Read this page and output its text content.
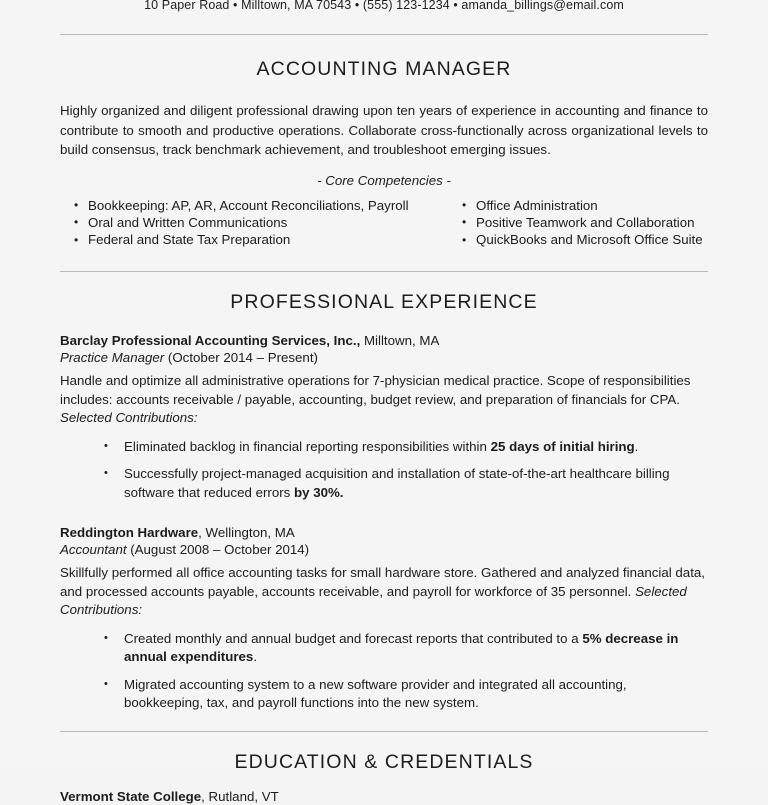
10 Paper Road • Milltown, MA 70543 • (555) 123-1234 • amanda_billings@email.com
ACCOUNTING MANAGER

Highly organized and diligent professional drawing upon ten years of experience in accounting and finance to contribute to smooth and productive operations. Collaborate cross-functionally across organizational levels to build consensus, track benchmark achievement, and troubleshoot emerging issues.

- Core Competencies -

• Bookkeeping: AP, AR, Account Reconciliations, Payroll
• Oral and Written Communications
• Federal and State Tax Preparation
• Office Administration
• Positive Teamwork and Collaboration
• QuickBooks and Microsoft Office Suite
PROFESSIONAL EXPERIENCE

Barclay Professional Accounting Services, Inc., Milltown, MA

Practice Manager (October 2014 – Present)

Handle and optimize all administrative operations for 7-physician medical practice. Scope of responsibilities includes: accounts receivable / payable, accounting, budget review, and preparation of financials for CPA. Selected Contributions:

• Eliminated backlog in financial reporting responsibilities within 25 days of initial hiring.
• Successfully project-managed acquisition and installation of state-of-the-art healthcare billing software that reduced errors by 30%.

Reddington Hardware, Wellington, MA

Accountant (August 2008 – October 2014)

Skillfully performed all office accounting tasks for small hardware store. Gathered and analyzed financial data, and processed accounts payable, accounts receivable, and payroll for workforce of 35 personnel. Selected Contributions:

• Created monthly and annual budget and forecast reports that contributed to a 5% decrease in annual expenditures.
• Migrated accounting system to a new software provider and integrated all accounting, bookkeeping, tax, and payroll functions into the new system.
EDUCATION & CREDENTIALS

Vermont State College, Rutland, VT
